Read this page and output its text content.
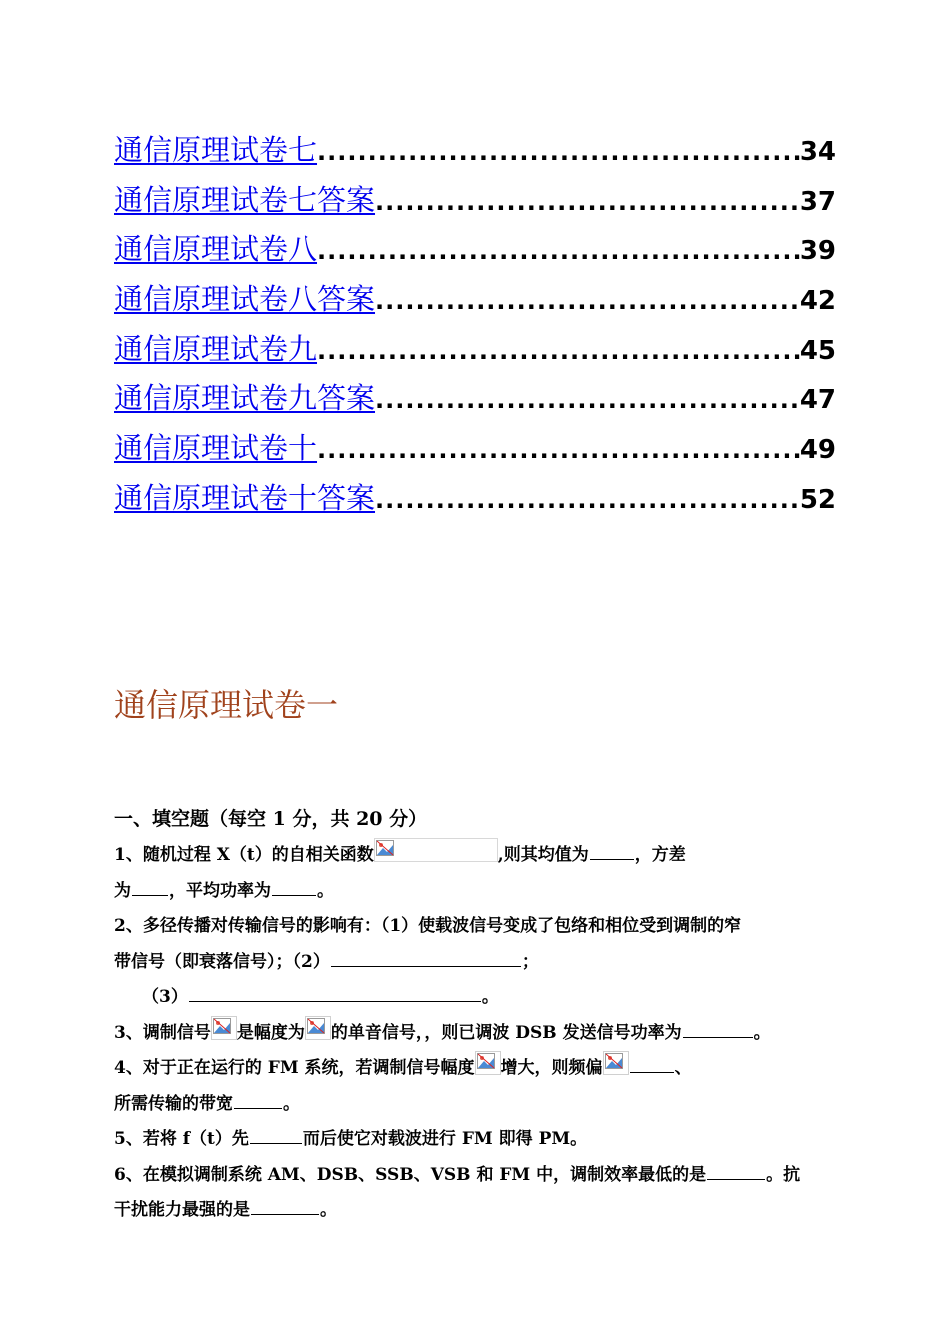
通信原理试卷七 .....	34
通信原理试卷七答案 .....	37
通信原理试卷八 .....	39
通信原理试卷八答案 .....	42
通信原理试卷九 .....	45
通信原理试卷九答案 .....	47
通信原理试卷十 .....	49
通信原理试卷十答案 .....	52
通信原理试卷一
一、填空题（每空 1 分，共 20 分）
1、随机过程 X（t）的自相关函数	,则其均值为	，方差
为 ，平均功率为	。
2、多径传播对传输信号的影响有：（1）使载波信号变成了包络和相位受到调制的窄
带信号（即衰落信号）；（2）	；
（3）	。
3、调制信号 是幅度为 的单音信号，，则已调波 DSB 发送信号功率为	。
4、对于正在运行的 FM 系统，若调制信号幅度 增大，则频偏	、
所需传输的带宽	。
5、若将 f（t）先	而后使它对载波进行 FM 即得 PM。
6、在模拟调制系统 AM、DSB、SSB、VSB 和 FM 中，调制效率最低的是	。抗
干扰能力最强的是	。
